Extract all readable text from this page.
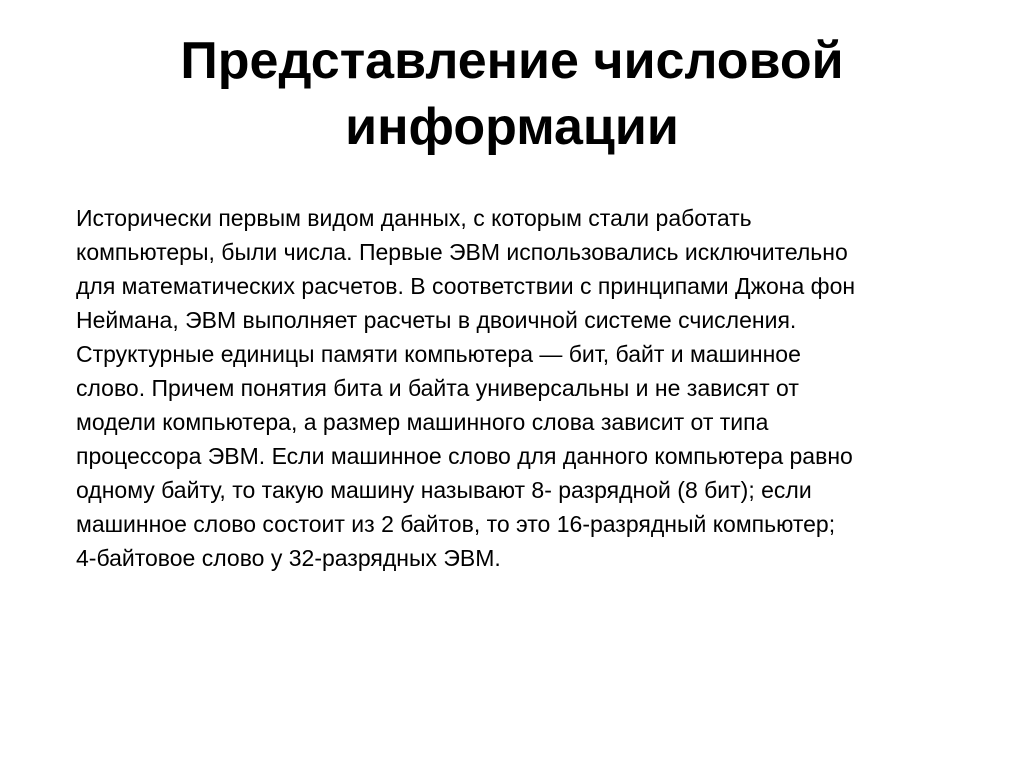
Представление числовой
информации
Исторически первым видом данных, с которым стали работать
компьютеры, были числа. Первые ЭВМ использовались исключительно
для математических расчетов. В соответствии с принципами Джона фон
Неймана, ЭВМ выполняет расчеты в двоичной системе счисления.
Структурные единицы памяти компьютера — бит, байт и машинное
слово. Причем понятия бита и байта универсальны и не зависят от
модели компьютера, а размер машинного слова зависит от типа
процессора ЭВМ. Если машинное слово для данного компьютера равно
одному байту, то такую машину называют 8- разрядной (8 бит); если
машинное слово состоит из 2 байтов, то это 16-разрядный компьютер;
4-байтовое слово у 32-разрядных ЭВМ.
